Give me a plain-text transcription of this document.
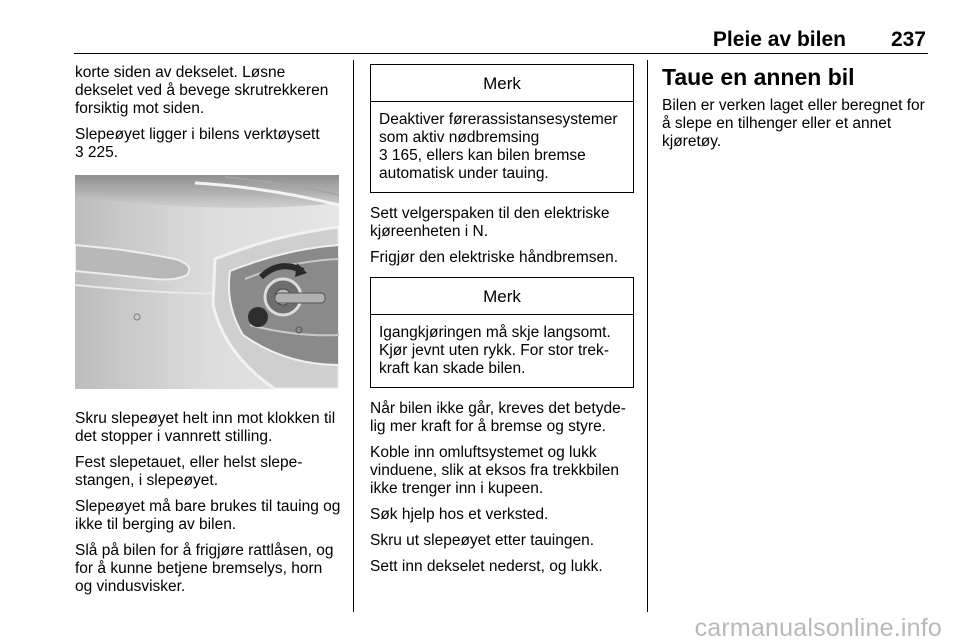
Pleie av bilen 237

korte siden av dekselet. Løsne dekselet ved å bevege skrutrekkeren forsiktig mot siden.

Slepeøyet ligger i bilens verktøysett
3 225.

Skru slepeøyet helt inn mot klokken til det stopper i vannrett stilling.

Fest slepetauet, eller helst slepestangen, i slepeøyet.

Slepeøyet må bare brukes til tauing og ikke til berging av bilen.

Slå på bilen for å frigjøre rattlåsen, og for å kunne betjene bremselys, horn og vindusvisker.

Merk
Deaktiver førerassistansesystemer som aktiv nødbremsing
3 165, ellers kan bilen bremse automatisk under tauing.

Sett velgerspaken til den elektriske kjøreenheten i N.

Frigjør den elektriske håndbremsen.

Merk
Igangkjøringen må skje langsomt. Kjør jevnt uten rykk. For stor trekkraft kan skade bilen.

Når bilen ikke går, kreves det betydelig mer kraft for å bremse og styre.

Koble inn omluftsystemet og lukk vinduene, slik at eksos fra trekkbilen ikke trenger inn i kupeen.

Søk hjelp hos et verksted.

Skru ut slepeøyet etter tauingen.

Sett inn dekselet nederst, og lukk.

Taue en annen bil

Bilen er verken laget eller beregnet for å slepe en tilhenger eller et annet kjøretøy.

carmanualsonline.info
